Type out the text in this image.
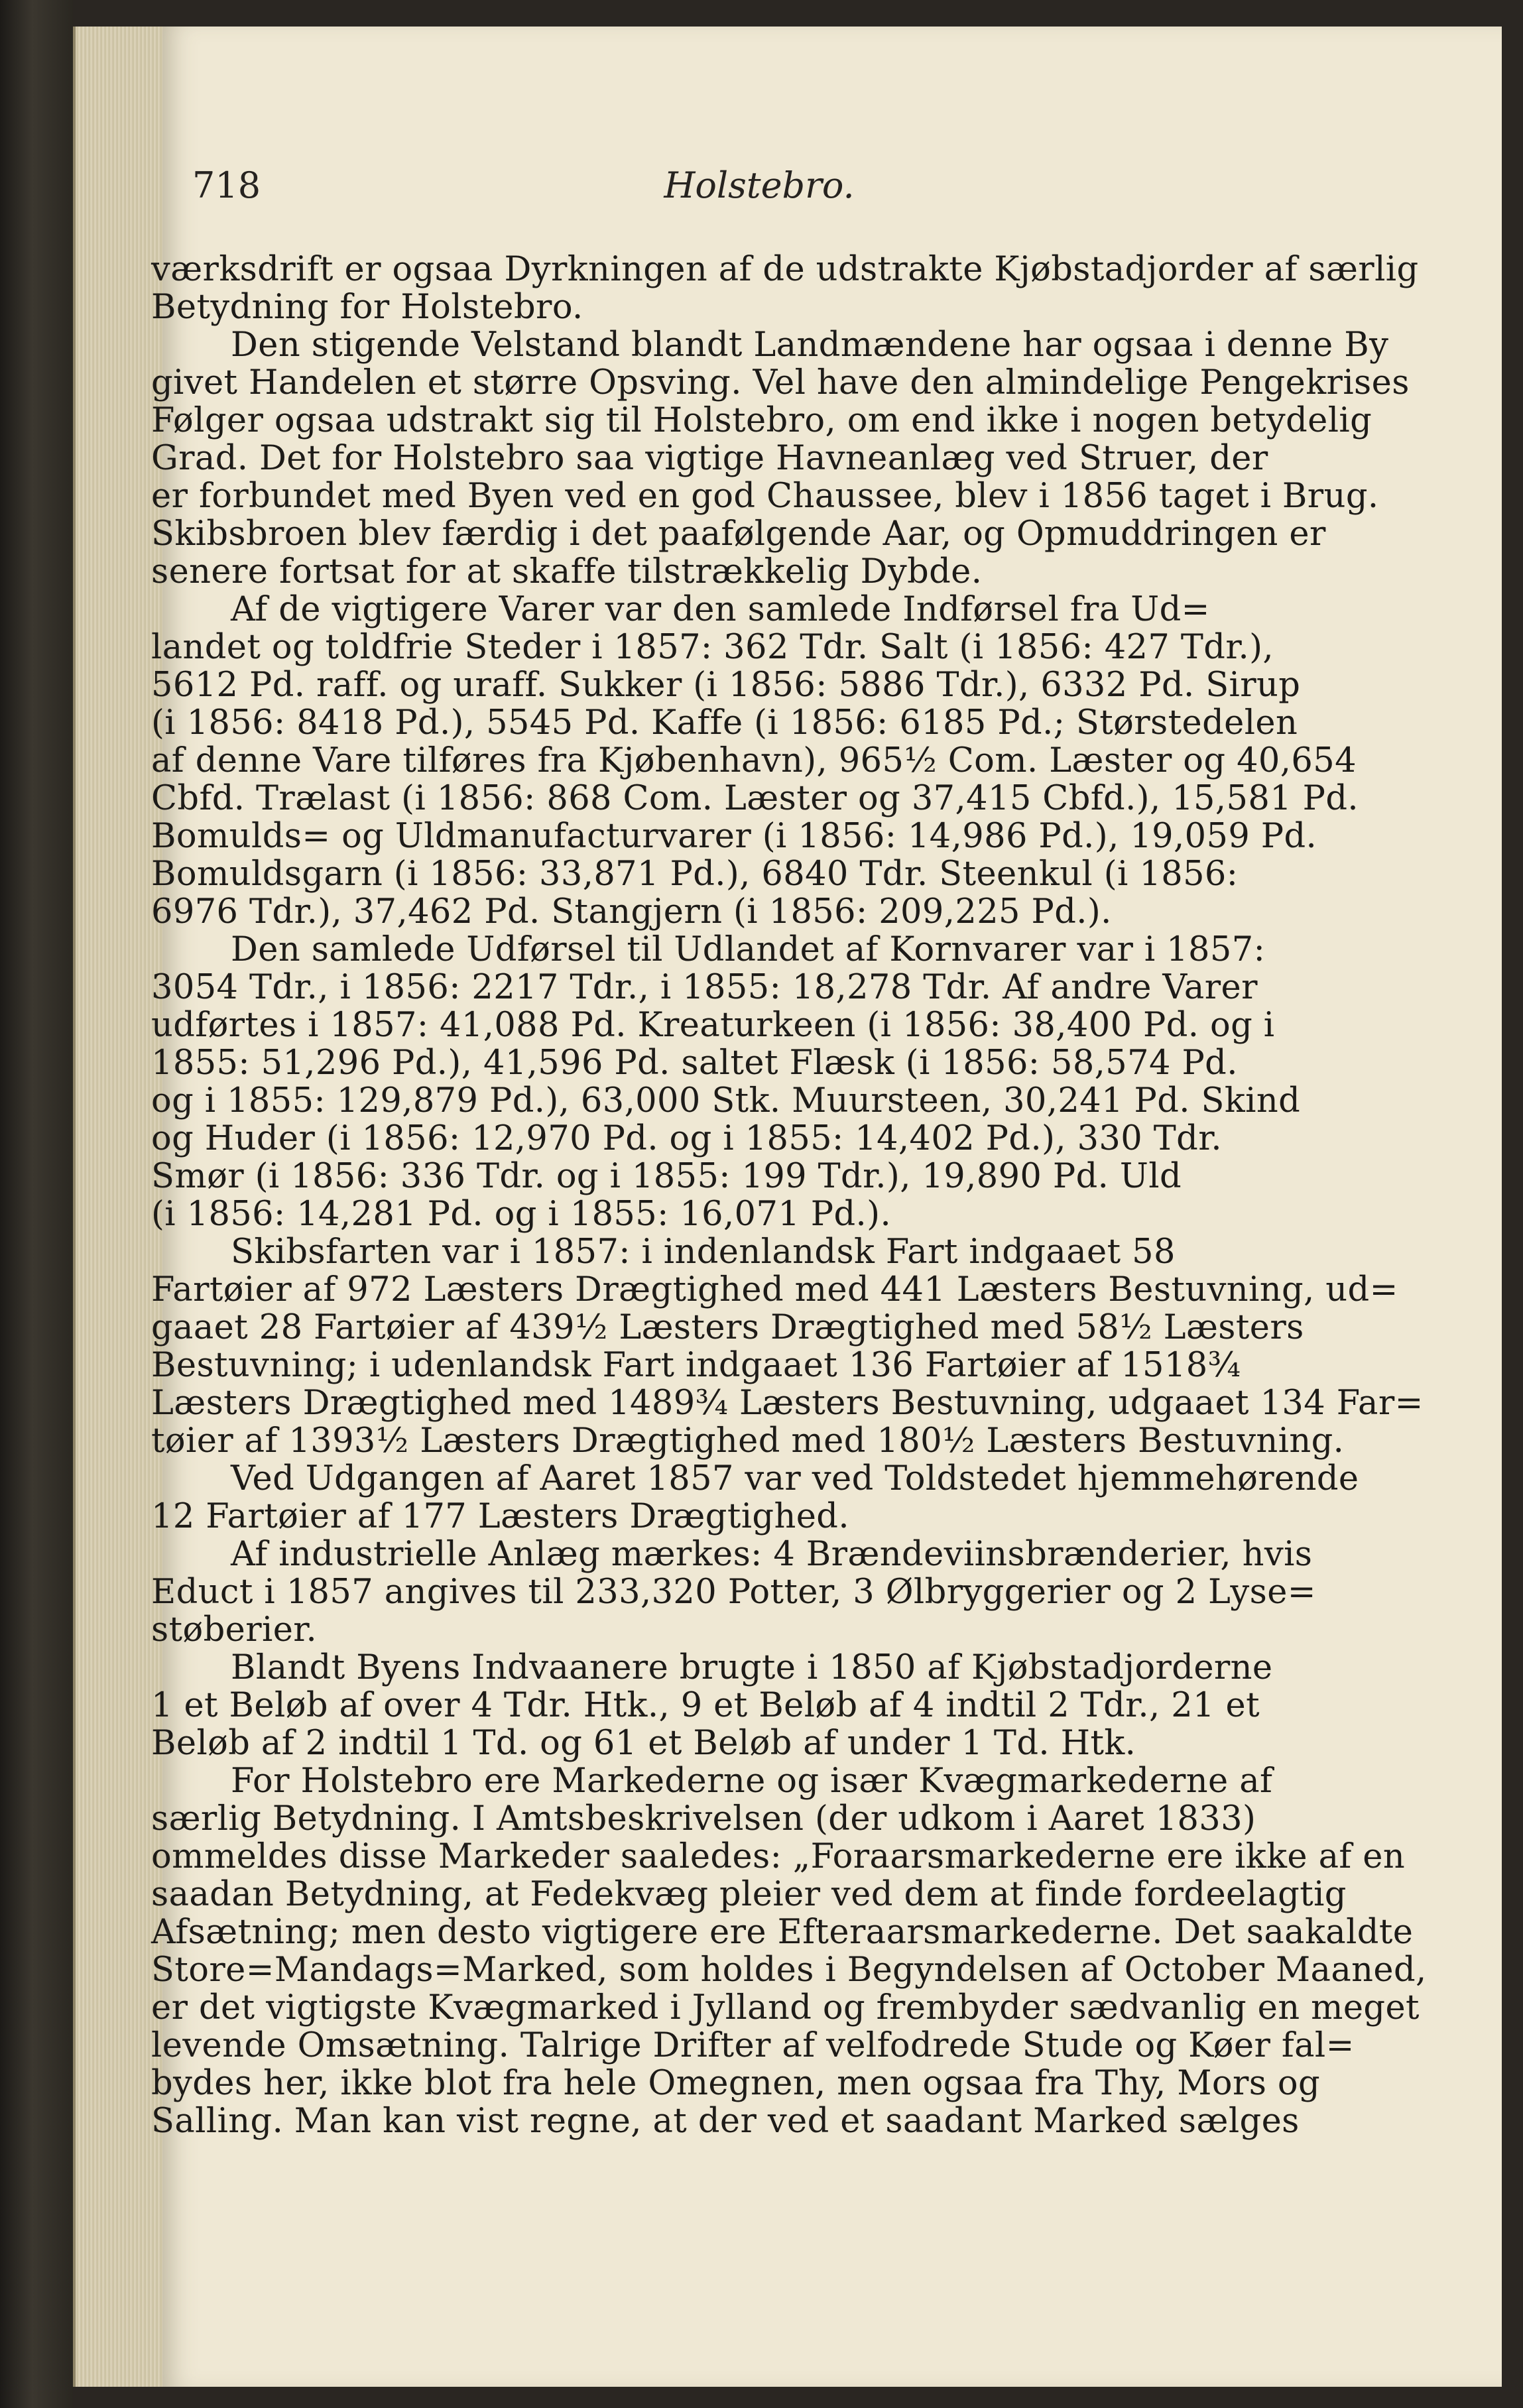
718	Holstebro.

værksdrift er ogsaa Dyrkningen af de udstrakte Kjøbstadjorder af særlig

Betydning for Holstebro.

Den stigende Velstand blandt Landmændene har ogsaa i denne By

givet Handelen et større Opsving. Vel have den almindelige Pengekrises

Følger ogsaa udstrakt sig til Holstebro, om end ikke i nogen betydelig

Grad. Det for Holstebro saa vigtige Havneanlæg ved Struer, der

er forbundet med Byen ved en god Chaussee, blev i 1856 taget i Brug.

Skibsbroen blev færdig i det paafølgende Aar, og Opmuddringen er

senere fortsat for at skaffe tilstrækkelig Dybde.

Af de vigtigere Varer var den samlede Indførsel fra Ud=

landet og toldfrie Steder i 1857: 362 Tdr. Salt (i 1856: 427 Tdr.),

5612 Pd. raff. og uraff. Sukker (i 1856: 5886 Tdr.), 6332 Pd. Sirup

(i 1856: 8418 Pd.), 5545 Pd. Kaffe (i 1856: 6185 Pd.; Størstedelen

af denne Vare tilføres fra Kjøbenhavn), 965½ Com. Læster og 40,654

Cbfd. Trælast (i 1856: 868 Com. Læster og 37,415 Cbfd.), 15,581 Pd.

Bomulds= og Uldmanufacturvarer (i 1856: 14,986 Pd.), 19,059 Pd.

Bomuldsgarn (i 1856: 33,871 Pd.), 6840 Tdr. Steenkul (i 1856:

6976 Tdr.), 37,462 Pd. Stangjern (i 1856: 209,225 Pd.).

Den samlede Udførsel til Udlandet af Kornvarer var i 1857:

3054 Tdr., i 1856: 2217 Tdr., i 1855: 18,278 Tdr. Af andre Varer

udførtes i 1857: 41,088 Pd. Kreaturkeen (i 1856: 38,400 Pd. og i

1855: 51,296 Pd.), 41,596 Pd. saltet Flæsk (i 1856: 58,574 Pd.

og i 1855: 129,879 Pd.), 63,000 Stk. Muursteen, 30,241 Pd. Skind

og Huder (i 1856: 12,970 Pd. og i 1855: 14,402 Pd.), 330 Tdr.

Smør (i 1856: 336 Tdr. og i 1855: 199 Tdr.), 19,890 Pd. Uld

(i 1856: 14,281 Pd. og i 1855: 16,071 Pd.).

Skibsfarten var i 1857: i indenlandsk Fart indgaaet 58

Fartøier af 972 Læsters Drægtighed med 441 Læsters Bestuvning, ud=

gaaet 28 Fartøier af 439½ Læsters Drægtighed med 58½ Læsters

Bestuvning; i udenlandsk Fart indgaaet 136 Fartøier af 1518¾

Læsters Drægtighed med 1489¾ Læsters Bestuvning, udgaaet 134 Far=

tøier af 1393½ Læsters Drægtighed med 180½ Læsters Bestuvning.

Ved Udgangen af Aaret 1857 var ved Toldstedet hjemmehørende

12 Fartøier af 177 Læsters Drægtighed.

Af industrielle Anlæg mærkes: 4 Brændeviinsbrænderier, hvis

Educt i 1857 angives til 233,320 Potter, 3 Ølbryggerier og 2 Lyse=

støberier.

Blandt Byens Indvaanere brugte i 1850 af Kjøbstadjorderne

1 et Beløb af over 4 Tdr. Htk., 9 et Beløb af 4 indtil 2 Tdr., 21 et

Beløb af 2 indtil 1 Td. og 61 et Beløb af under 1 Td. Htk.

For Holstebro ere Markederne og især Kvægmarkederne af

særlig Betydning. I Amtsbeskrivelsen (der udkom i Aaret 1833)

ommeldes disse Markeder saaledes: „Foraarsmarkederne ere ikke af en

saadan Betydning, at Fedekvæg pleier ved dem at finde fordeelagtig

Afsætning; men desto vigtigere ere Efteraarsmarkederne. Det saakaldte

Store=Mandags=Marked, som holdes i Begyndelsen af October Maaned,

er det vigtigste Kvægmarked i Jylland og frembyder sædvanlig en meget

levende Omsætning. Talrige Drifter af velfodrede Stude og Køer fal=

bydes her, ikke blot fra hele Omegnen, men ogsaa fra Thy, Mors og

Salling. Man kan vist regne, at der ved et saadant Marked sælges
